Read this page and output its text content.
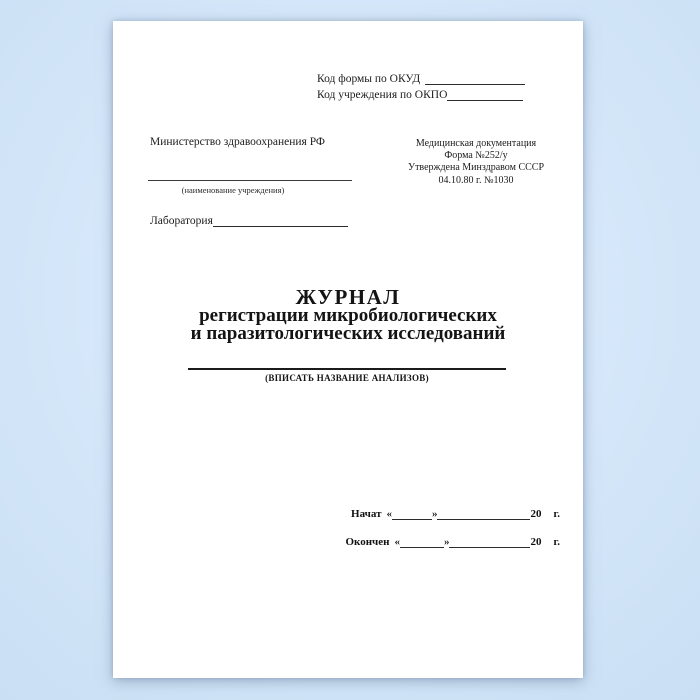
Код формы по ОКУД
Код учреждения по ОКПО
Министерство здравоохранения РФ
(наименование учреждения)
Медицинская документация
Форма №252/у
Утверждена Минздравом СССР
04.10.80 г. №1030
Лаборатория
ЖУРНАЛ
регистрации микробиологических
и паразитологических исследований
(ВПИСАТЬ НАЗВАНИЕ АНАЛИЗОВ)
Начат «	»	20 г.
Окончен «	»	20 г.
